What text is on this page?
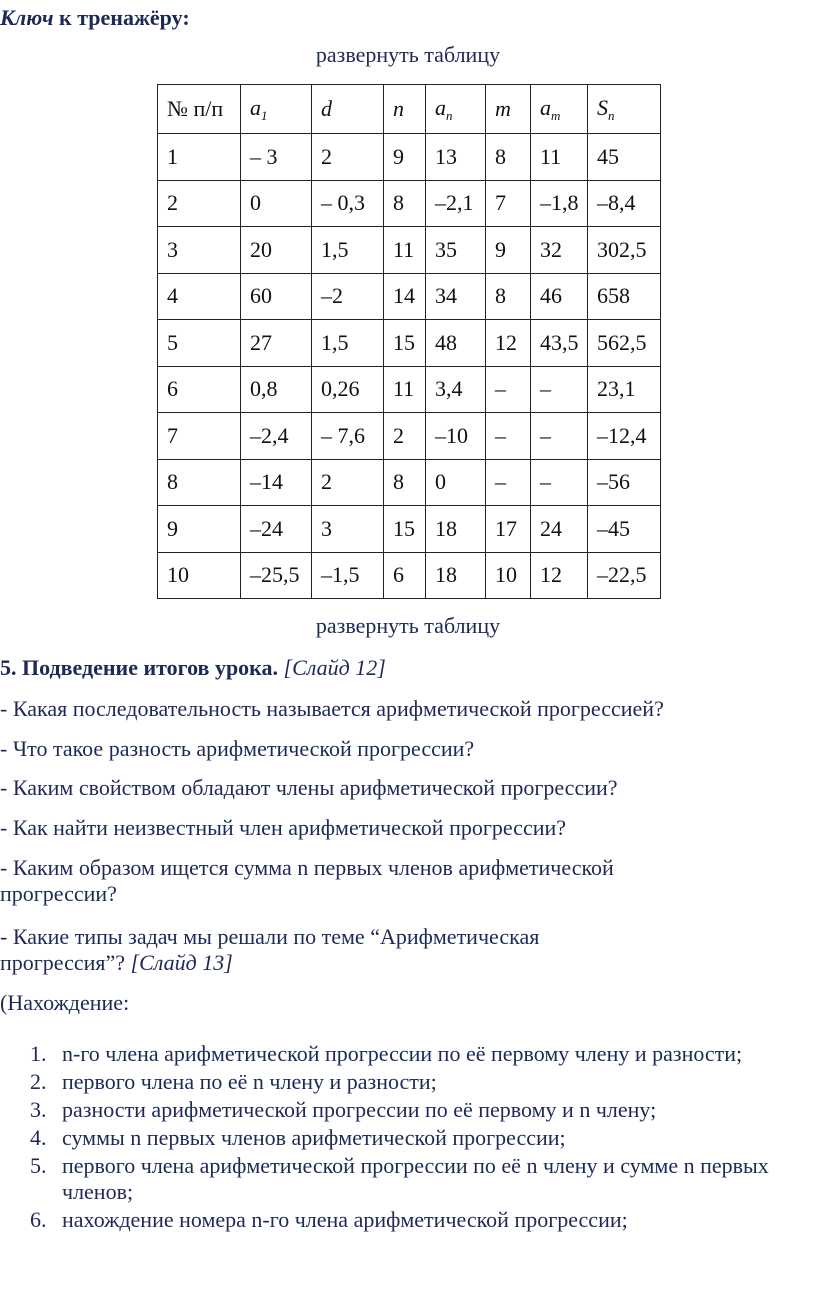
Ключ к тренажёру:
развернуть таблицу
№ п/п	$a_1$	d	n	$a_n$	m	$a_m$	$S_n$
1	– 3	2	9	13	8	11	45
2	0	– 0,3	8	–2,1	7	–1,8	–8,4
3	20	1,5	11	35	9	32	302,5
4	60	–2	14	34	8	46	658
5	27	1,5	15	48	12	43,5	562,5
6	0,8	0,26	11	3,4	–	–	23,1
7	–2,4	– 7,6	2	–10	–	–	–12,4
8	–14	2	8	0	–	–	–56
9	–24	3	15	18	17	24	–45
10	–25,5	–1,5	6	18	10	12	–22,5
развернуть таблицу
5. Подведение итогов урока. [Слайд 12]
- Какая последовательность называется арифметической прогрессией?
- Что такое разность арифметической прогрессии?
- Каким свойством обладают члены арифметической прогрессии?
- Как найти неизвестный член арифметической прогрессии?
- Каким образом ищется сумма n первых членов арифметической прогрессии?
- Какие типы задач мы решали по теме “Арифметическая прогрессия”? [Слайд 13]
(Нахождение:
1. n-го члена арифметической прогрессии по её первому члену и разности;
2. первого члена по её n члену и разности;
3. разности арифметической прогрессии по её первому и n члену;
4. суммы n первых членов арифметической прогрессии;
5. первого члена арифметической прогрессии по её n члену и сумме n первых членов;
6. нахождение номера n-го члена арифметической прогрессии;
